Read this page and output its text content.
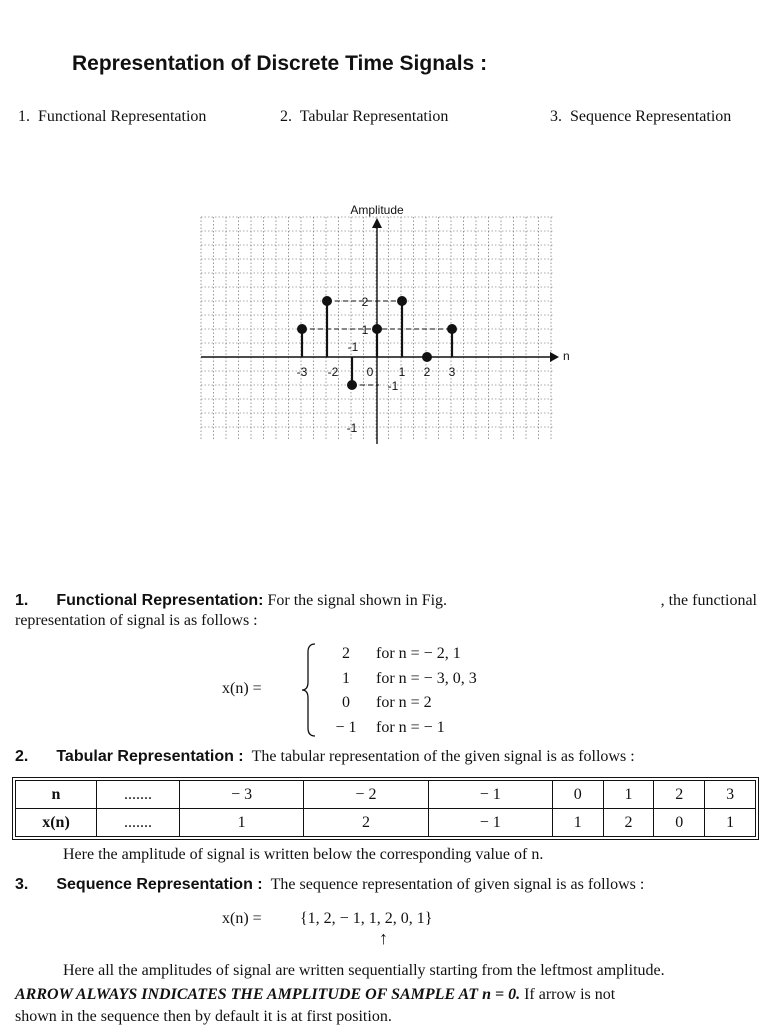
Representation of Discrete Time Signals :
1. Functional Representation	2. Tabular Representation	3. Sequence Representation
Amplitude
n
2
1
-1
-1
-3 -2 0 1 2 3
-1
1. Functional Representation: For the signal shown in Fig.	, the functional
representation of signal is as follows :
x(n) =
2	for n = − 2, 1
1	for n = − 3, 0, 3
0	for n = 2
− 1	for n = − 1
2. Tabular Representation : The tabular representation of the given signal is as follows :
n	.......	− 3	− 2	− 1	0	1	2	3
x(n)	.......	1	2	− 1	1	2	0	1
Here the amplitude of signal is written below the corresponding value of n.
3. Sequence Representation : The sequence representation of given signal is as follows :
x(n) = {1, 2, − 1, 1, 2, 0, 1}
↑
Here all the amplitudes of signal are written sequentially starting from the leftmost amplitude.
ARROW ALWAYS INDICATES THE AMPLITUDE OF SAMPLE AT n = 0. If arrow is not
shown in the sequence then by default it is at first position.
